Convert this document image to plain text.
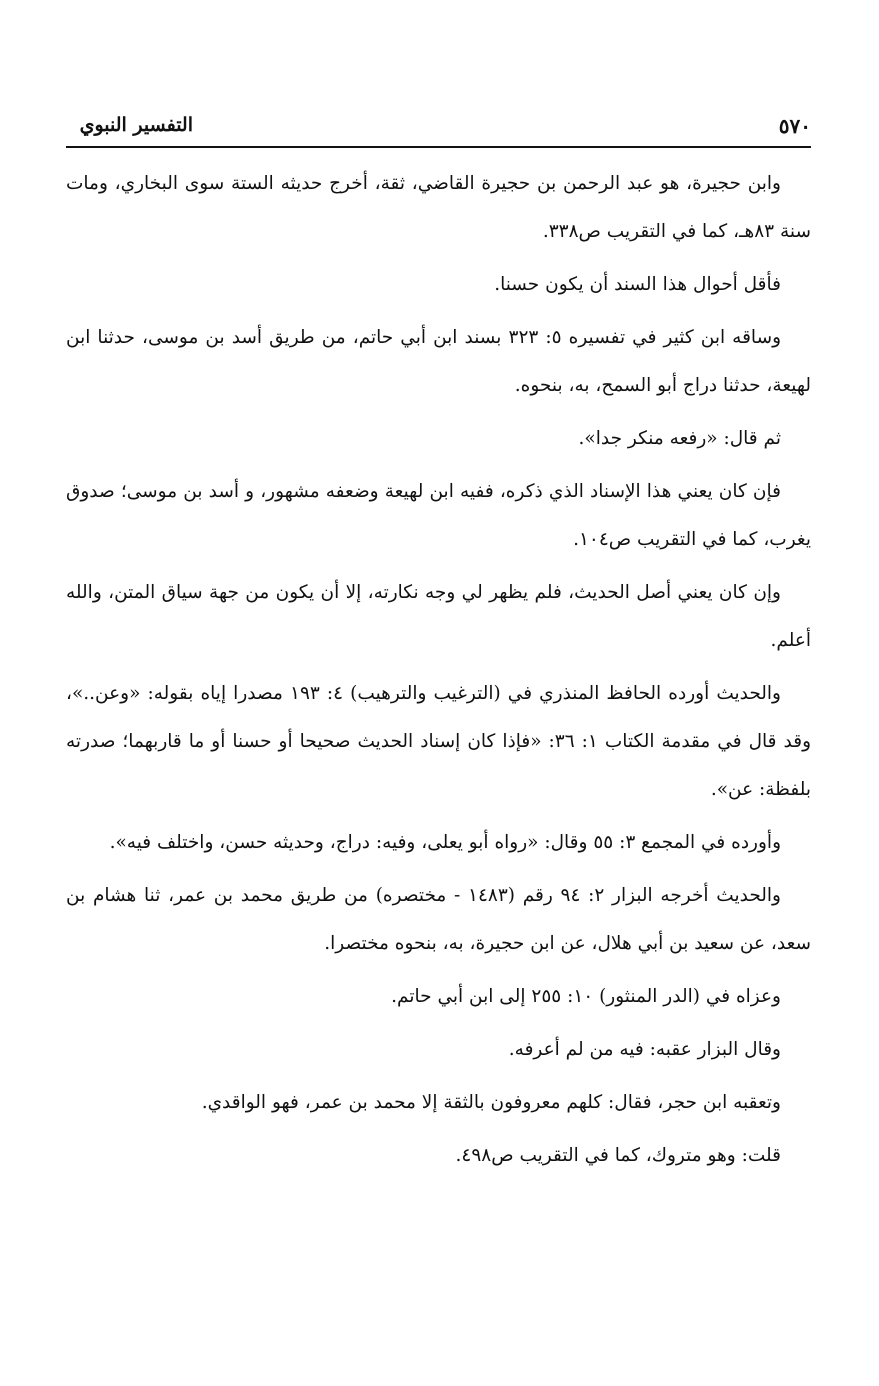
٥٧٠
التفسير النبوي

وابن حجيرة، هو عبد الرحمن بن حجيرة القاضي، ثقة، أخرج حديثه الستة سوى البخاري، ومات سنة ٨٣هـ، كما في التقريب ص٣٣٨.

فأقل أحوال هذا السند أن يكون حسنا.

وساقه ابن كثير في تفسيره ٥: ٣٢٣ بسند ابن أبي حاتم، من طريق أسد بن موسى، حدثنا ابن لهيعة، حدثنا دراج أبو السمح، به، بنحوه.

ثم قال: «رفعه منكر جدا».

فإن كان يعني هذا الإسناد الذي ذكره، ففيه ابن لهيعة وضعفه مشهور، و أسد بن موسى؛ صدوق يغرب، كما في التقريب ص١٠٤.

وإن كان يعني أصل الحديث، فلم يظهر لي وجه نكارته، إلا أن يكون من جهة سياق المتن، والله أعلم.

والحديث أورده الحافظ المنذري في (الترغيب والترهيب) ٤: ١٩٣ مصدرا إياه بقوله: «وعن..»، وقد قال في مقدمة الكتاب ١: ٣٦: «فإذا كان إسناد الحديث صحيحا أو حسنا أو ما قاربهما؛ صدرته بلفظة: عن».

وأورده في المجمع ٣: ٥٥ وقال: «رواه أبو يعلى، وفيه: دراج، وحديثه حسن، واختلف فيه».

والحديث أخرجه البزار ٢: ٩٤ رقم (١٤٨٣ - مختصره) من طريق محمد بن عمر، ثنا هشام بن سعد، عن سعيد بن أبي هلال، عن ابن حجيرة، به، بنحوه مختصرا.

وعزاه في (الدر المنثور) ١٠: ٢٥٥ إلى ابن أبي حاتم.

وقال البزار عقبه: فيه من لم أعرفه.

وتعقبه ابن حجر، فقال: كلهم معروفون بالثقة إلا محمد بن عمر، فهو الواقدي.

قلت: وهو متروك، كما في التقريب ص٤٩٨.
